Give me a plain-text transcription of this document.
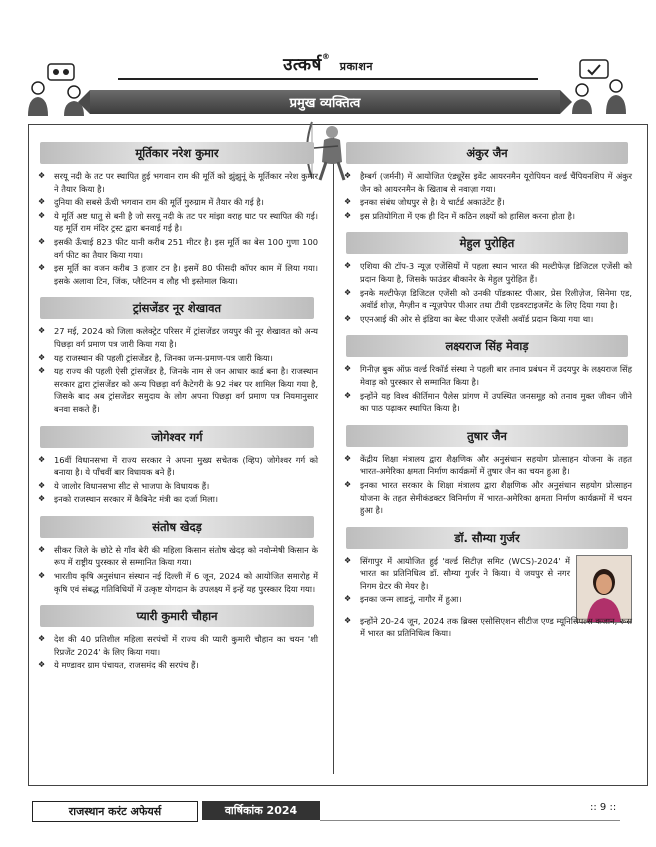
उत्कर्ष® प्रकाशन
प्रमुख व्यक्तित्व
मूर्तिकार नरेश कुमार
❖ सरयू नदी के तट पर स्थापित हुई भगवान राम की मूर्ति को झुंझुनूं के मूर्तिकार नरेश कुमार ने तैयार किया है।
❖ दुनिया की सबसे ऊँची भगवान राम की मूर्ति गुरुग्राम में तैयार की गई है।
❖ ये मूर्ति अष्ट धातु से बनी है जो सरयू नदी के तट पर मांझा वराह घाट पर स्थापित की गई। यह मूर्ति राम मंदिर ट्रस्ट द्वारा बनवाई गई है।
❖ इसकी ऊँचाई 823 फीट यानी करीब 251 मीटर है। इस मूर्ति का बेस 100 गुणा 100 वर्ग फीट का तैयार किया गया।
❖ इस मूर्ति का वजन करीब 3 हजार टन है। इसमें 80 फीसदी कॉपर काम में लिया गया। इसके अलावा टिन, जिंक, प्लैटिनम व लौह भी इस्तेमाल किया।
ट्रांसजेंडर नूर शेखावत
❖ 27 मई, 2024 को जिला कलेक्ट्रेट परिसर में ट्रांसजेंडर जयपुर की नूर शेखावत को अन्य पिछड़ा वर्ग प्रमाण पत्र जारी किया गया है।
❖ यह राजस्थान की पहली ट्रांसजेंडर है, जिनका जन्म-प्रमाण-पत्र जारी किया।
❖ यह राज्य की पहली ऐसी ट्रांसजेंडर है, जिनके नाम से जन आधार कार्ड बना है। राजस्थान सरकार द्वारा ट्रांसजेंडर को अन्य पिछड़ा वर्ग कैटेगरी के 92 नंबर पर शामिल किया गया है, जिसके बाद अब ट्रांसजेंडर समुदाय के लोग अपना पिछड़ा वर्ग प्रमाण पत्र नियमानुसार बनवा सकते हैं।
जोगेश्वर गर्ग
❖ 16वीं विधानसभा में राज्य सरकार ने अपना मुख्य सचेतक (व्हिप) जोगेश्वर गर्ग को बनाया है। ये पाँचवीं बार विधायक बने हैं।
❖ ये जालोर विधानसभा सीट से भाजपा के विधायक हैं।
❖ इनको राजस्थान सरकार में कैबिनेट मंत्री का दर्जा मिला।
संतोष खेदड़
❖ सीकर जिले के छोटे से गाँव बेरी की महिला किसान संतोष खेदड़ को नवोन्मेषी किसान के रूप में राष्ट्रीय पुरस्कार से सम्मानित किया गया।
❖ भारतीय कृषि अनुसंधान संस्थान नई दिल्ली में 6 जून, 2024 को आयोजित समारोह में कृषि एवं संबद्ध गतिविधियों में उत्कृष्ट योगदान के उपलक्ष्य में इन्हें यह पुरस्कार दिया गया।
प्यारी कुमारी चौहान
❖ देश की 40 प्रतिशील महिला सरपंचों में राज्य की प्यारी कुमारी चौहान का चयन 'शी रिप्रजेंट 2024' के लिए किया गया।
❖ ये मण्डावर ग्राम पंचायत, राजसमंद की सरपंच हैं।
अंकुर जैन
❖ हैम्बर्ग (जर्मनी) में आयोजित एंड्यूरेंस इवेंट आयरनमैन यूरोपियन वर्ल्ड चैंपियनशिप में अंकुर जैन को आयरनमैन के खिताब से नवाज़ा गया।
❖ इनका संबंध जोधपुर से है। ये चार्टर्ड अकाउंटेंट हैं।
❖ इस प्रतियोगिता में एक ही दिन में कठिन लक्ष्यों को हासिल करना होता है।
मेहुल पुरोहित
❖ एशिया की टॉप-3 न्यूज़ एजेंसियों में पहला स्थान भारत की मल्टीफेज़ डिजिटल एजेंसी को प्रदान किया है, जिसके फाउंडर बीकानेर के मेहुल पुरोहित हैं।
❖ इनके मल्टीफेज़ डिजिटल एजेंसी को उनकी पॉडकास्ट पीआर, प्रेस रिलीज़ेज, सिनेमा एड, अवॉर्ड शोज़, मैग्ज़ीन व न्यूज़पेपर पीआर तथा टीवी एडवरटाइजमेंट के लिए दिया गया है।
❖ एएनआई की ओर से इंडिया का बेस्ट पीआर एजेंसी अवॉर्ड प्रदान किया गया था।
लक्ष्यराज सिंह मेवाड़
❖ गिनीज़ बुक ऑफ़ वर्ल्ड रिकॉर्ड संस्था ने पहली बार तनाव प्रबंधन में उदयपुर के लक्ष्यराज सिंह मेवाड़ को पुरस्कार से सम्मानित किया है।
❖ इन्होंने यह विश्व कीर्तिमान पैलेस प्रांगण में उपस्थित जनसमूह को तनाव मुक्त जीवन जीने का पाठ पढ़ाकर स्थापित किया है।
तुषार जैन
❖ केंद्रीय शिक्षा मंत्रालय द्वारा शैक्षणिक और अनुसंधान सहयोग प्रोत्साहन योजना के तहत भारत-अमेरिका क्षमता निर्माण कार्यक्रमों में तुषार जैन का चयन हुआ है।
❖ इनका भारत सरकार के शिक्षा मंत्रालय द्वारा शैक्षणिक और अनुसंधान सहयोग प्रोत्साहन योजना के तहत सेमीकंडक्टर विनिर्माण में भारत-अमेरिका क्षमता निर्माण कार्यक्रमों में चयन हुआ है।
डॉ. सौम्या गुर्जर
❖ सिंगापुर में आयोजित हुई 'वर्ल्ड सिटीज़ समिट (WCS)-2024' में भारत का प्रतिनिधित्व डॉ. सौम्या गुर्जर ने किया। ये जयपुर से नगर निगम ग्रेटर की मेयर है।
❖ इनका जन्म लाडनूं, नागौर में हुआ।
❖ इन्होंने 20-24 जून, 2024 तक ब्रिक्स एसोसिएशन सीटीज एण्ड म्यूनिसिपल्स कजान, रूस में भारत का प्रतिनिधित्व किया।
राजस्थान करंट अफेयर्स	वार्षिकांक 2024	:: 9 ::
